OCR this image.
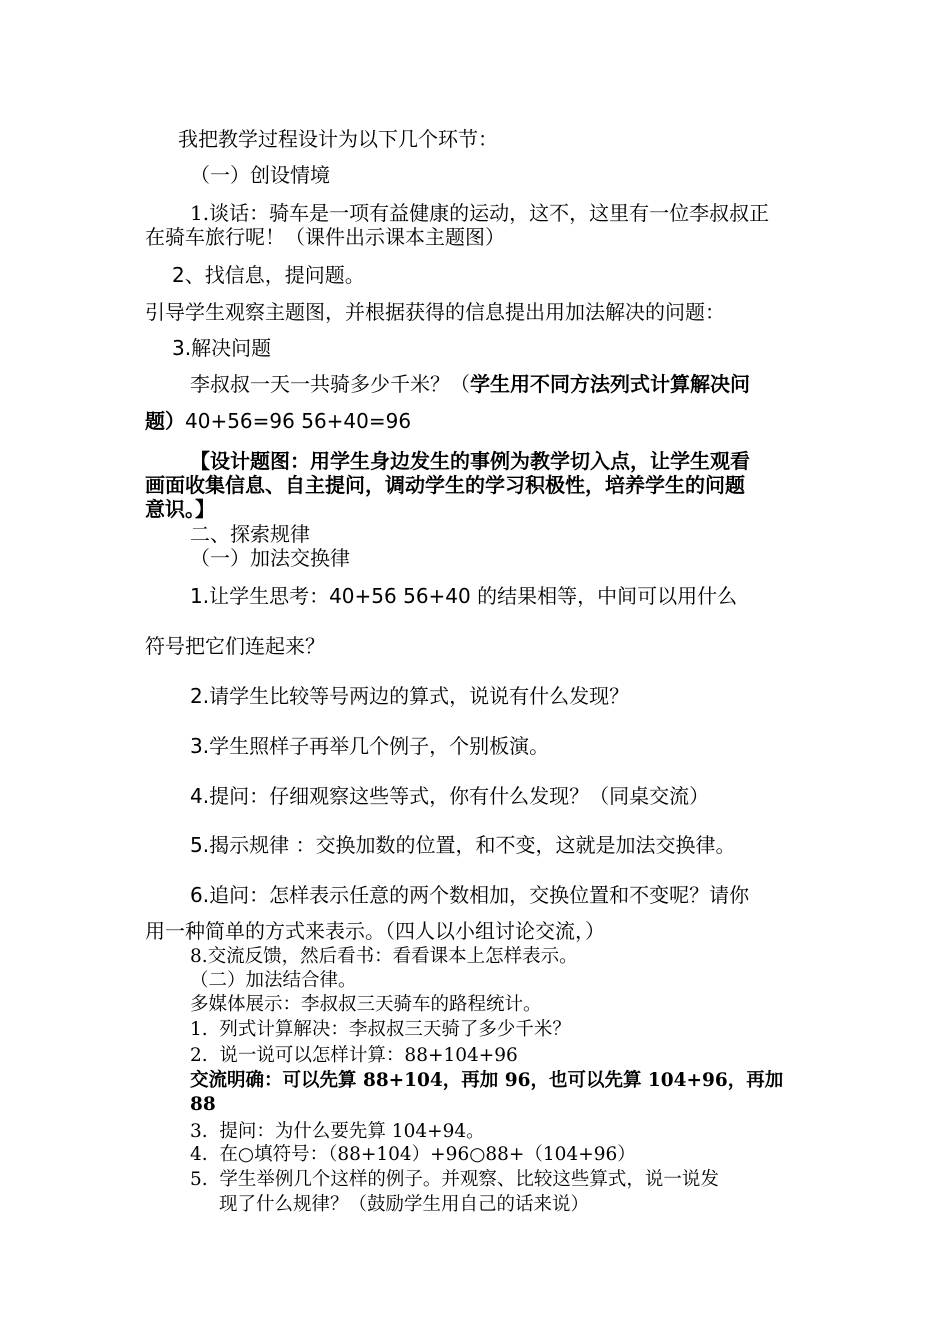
我把教学过程设计为以下几个环节：

（一）创设情境

1.谈话：骑车是一项有益健康的运动，这不，这里有一位李叔叔正

在骑车旅行呢！（课件出示课本主题图）

2、找信息，提问题。

引导学生观察主题图，并根据获得的信息提出用加法解决的问题：

3.解决问题

李叔叔一天一共骑多少千米？（学生用不同方法列式计算解决问

题）40+56=96 56+40=96

【设计题图：用学生身边发生的事例为教学切入点，让学生观看

画面收集信息、自主提问，调动学生的学习积极性，培养学生的问题

意识。】

二、探索规律

（一）加法交换律

1.让学生思考：40+56 56+40 的结果相等，中间可以用什么

符号把它们连起来？

2.请学生比较等号两边的算式，说说有什么发现？

3.学生照样子再举几个例子，个别板演。

4.提问：仔细观察这些等式，你有什么发现？（同桌交流）

5.揭示规律 ：交换加数的位置，和不变，这就是加法交换律。

6.追问：怎样表示任意的两个数相加，交换位置和不变呢？请你

用一种简单的方式来表示。（四人以小组讨论交流，）

8.交流反馈，然后看书：看看课本上怎样表示。

（二）加法结合律。

多媒体展示：李叔叔三天骑车的路程统计。

1. 列式计算解决：李叔叔三天骑了多少千米？

2. 说一说可以怎样计算：88+104+96

交流明确：可以先算 88+104，再加 96，也可以先算 104+96，再加

88

3. 提问：为什么要先算 104+94。

4. 在○填符号：（88+104）+96○88+（104+96）

5. 学生举例几个这样的例子。并观察、比较这些算式，说一说发

现了什么规律？（鼓励学生用自己的话来说）
